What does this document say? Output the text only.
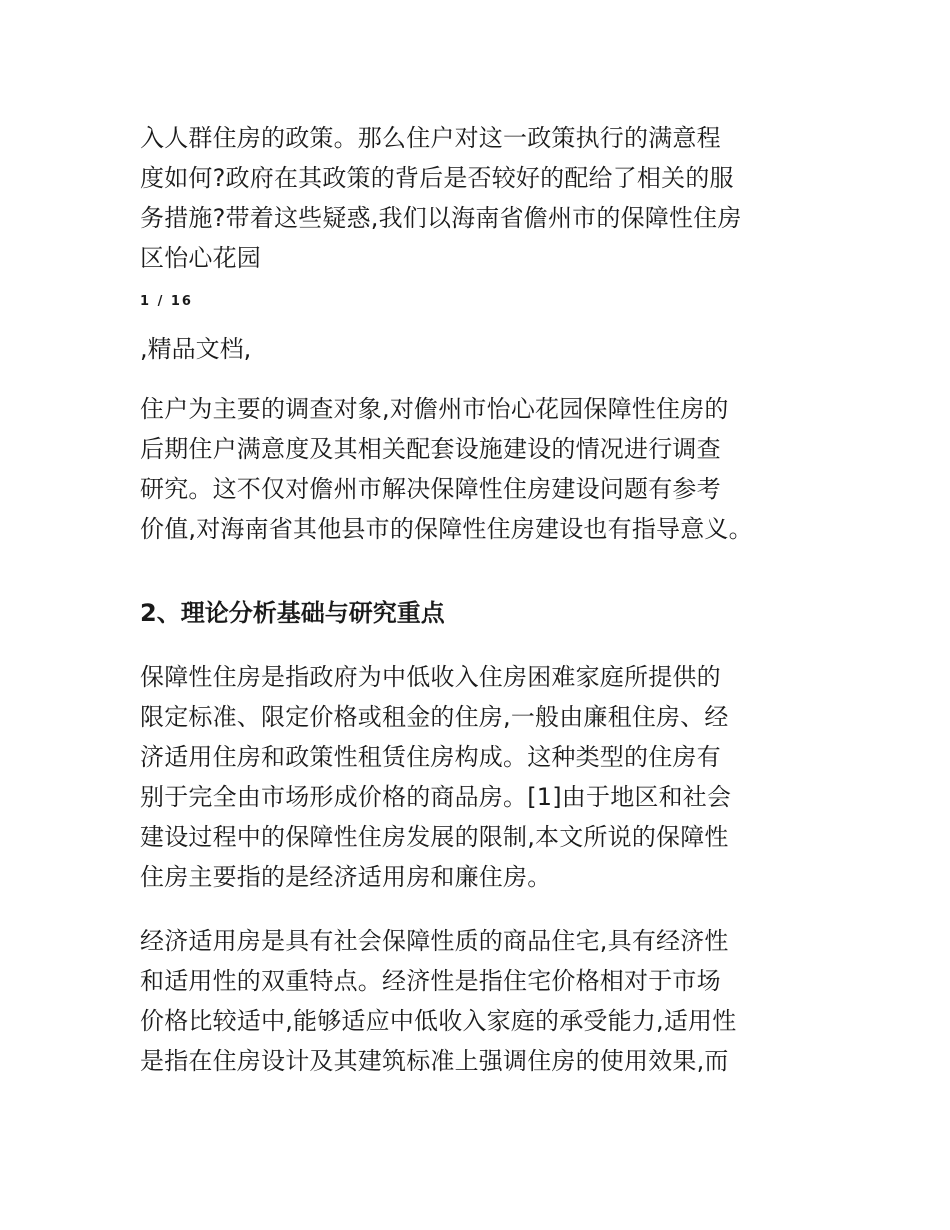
入人群住房的政策。那么住户对这一政策执行的满意程
度如何?政府在其政策的背后是否较好的配给了相关的服
务措施?带着这些疑惑,我们以海南省儋州市的保障性住房
区怡心花园

1 / 16
,精品文档,

住户为主要的调查对象,对儋州市怡心花园保障性住房的
后期住户满意度及其相关配套设施建设的情况进行调查
研究。这不仅对儋州市解决保障性住房建设问题有参考
价值,对海南省其他县市的保障性住房建设也有指导意义。

2、理论分析基础与研究重点

保障性住房是指政府为中低收入住房困难家庭所提供的
限定标准、限定价格或租金的住房,一般由廉租住房、经
济适用住房和政策性租赁住房构成。这种类型的住房有
别于完全由市场形成价格的商品房。[1]由于地区和社会
建设过程中的保障性住房发展的限制,本文所说的保障性
住房主要指的是经济适用房和廉住房。

经济适用房是具有社会保障性质的商品住宅,具有经济性
和适用性的双重特点。经济性是指住宅价格相对于市场
价格比较适中,能够适应中低收入家庭的承受能力,适用性
是指在住房设计及其建筑标准上强调住房的使用效果,而
